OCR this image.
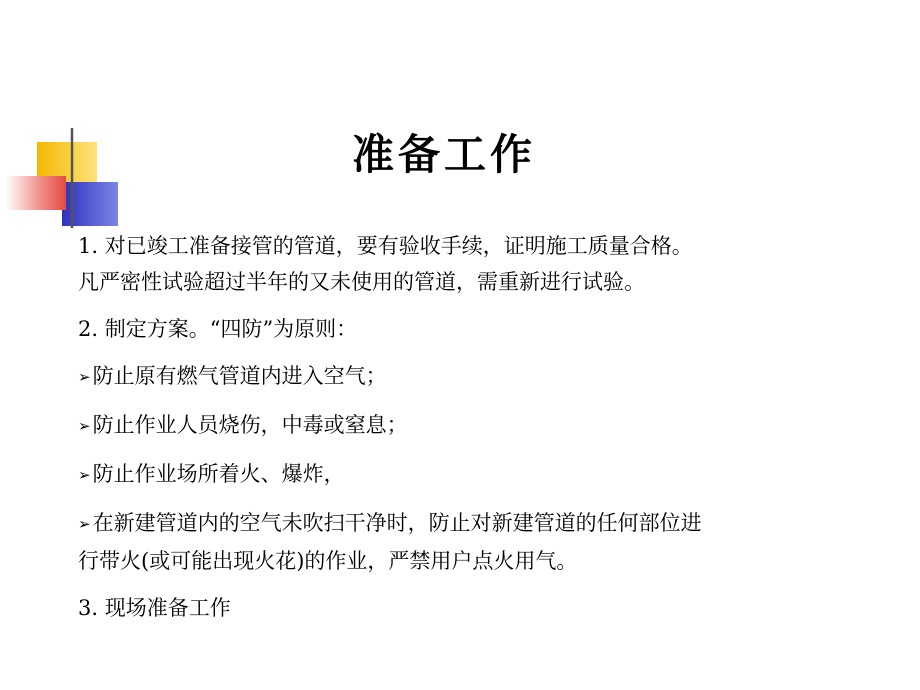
准备工作
1. 对已竣工准备接管的管道，要有验收手续，证明施工质量合格。
凡严密性试验超过半年的又未使用的管道，需重新进行试验。
2. 制定方案。“四防”为原则：
➢防止原有燃气管道内进入空气；
➢防止作业人员烧伤，中毒或窒息；
➢防止作业场所着火、爆炸，
➢在新建管道内的空气未吹扫干净时，防止对新建管道的任何部位进
行带火(或可能出现火花)的作业，严禁用户点火用气。
3. 现场准备工作
